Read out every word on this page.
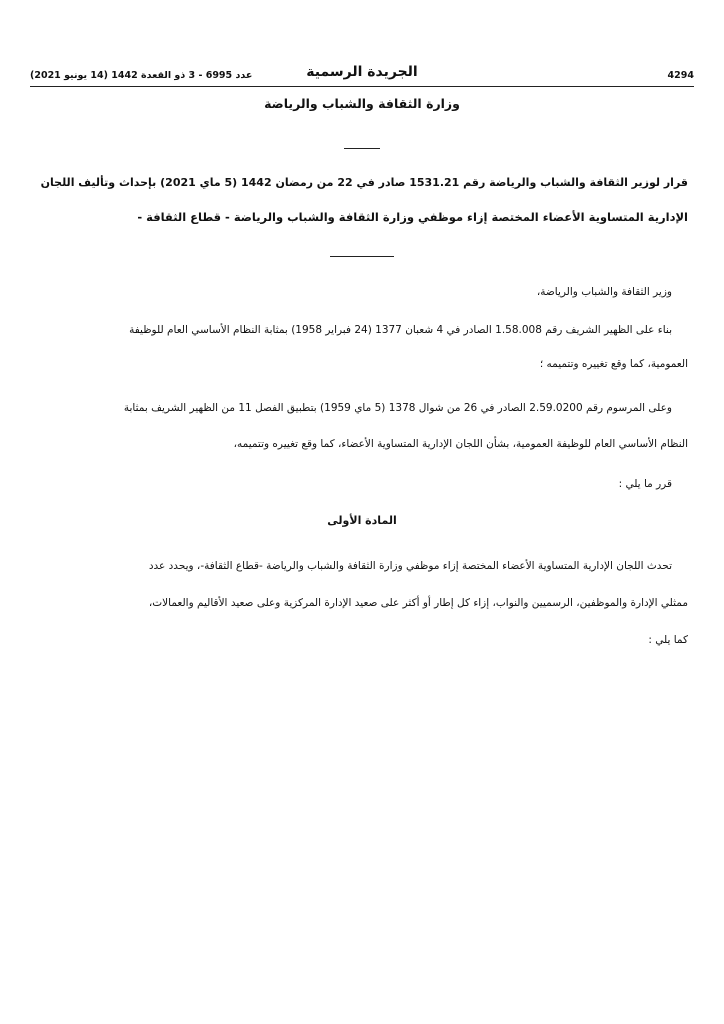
عدد 6995 - 3 ذو القعدة 1442 (14 يونيو 2021)	الجريدة الرسمية	4294
وزارة الثقافة والشباب والرياضة
قرار لوزير الثقافة والشباب والرياضة رقم 1531.21 صادر في 22 من رمضان 1442 (5 ماي 2021) بإحداث وتأليف اللجان
الإدارية المتساوية الأعضاء المختصة إزاء موظفي وزارة الثقافة والشباب والرياضة - قطاع الثقافة -
وزير الثقافة والشباب والرياضة،
بناء على الظهير الشريف رقم 1.58.008 الصادر في 4 شعبان 1377 (24 فبراير 1958) بمثابة النظام الأساسي العام للوظيفة
العمومية، كما وقع تغييره وتتميمه ؛
وعلى المرسوم رقم 2.59.0200 الصادر في 26 من شوال 1378 (5 ماي 1959) بتطبيق الفصل 11 من الظهير الشريف بمثابة
النظام الأساسي العام للوظيفة العمومية، بشأن اللجان الإدارية المتساوية الأعضاء، كما وقع تغييره وتتميمه،
قرر ما يلي :
المادة الأولى
تحدث اللجان الإدارية المتساوية الأعضاء المختصة إزاء موظفي وزارة الثقافة والشباب والرياضة -قطاع الثقافة-، ويحدد عدد
ممثلي الإدارة والموظفين، الرسميين والنواب، إزاء كل إطار أو أكثر على صعيد الإدارة المركزية وعلى صعيد الأقاليم والعمالات،
كما يلي :
